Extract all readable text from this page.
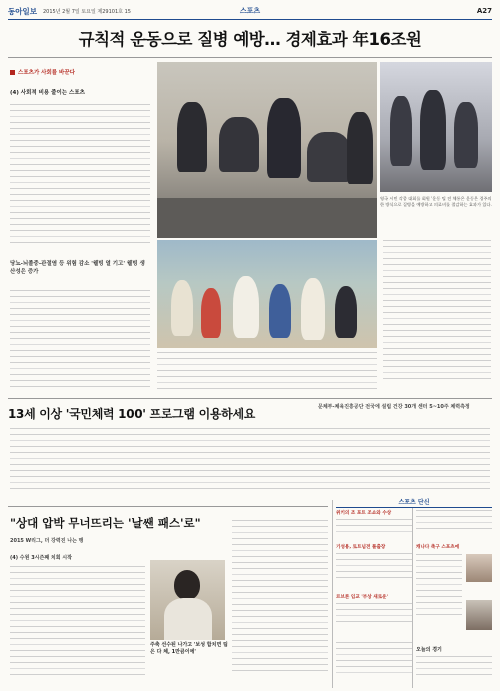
동아일보 2015년 2월 7일 토요일 제29101호 15	스포츠	A27
규칙적 운동으로 질병 예방… 경제효과 年16조원
스포츠가 사회를 바꾼다
(4) 사회적 비용 줄이는 스포츠
당뇨-뇌졸중-관절염 등 위험 감소 '웰빙 열 기고' 웰빙 생산성은 증가
영국 시민 각종 대회를 회원 '운동 팁 전 체통은 운동은 경주의 한 방식으로 질병을 예방하고 의료비를 절감하는 효과가 있다.
13세 이상 '국민체력 100' 프로그램 이용하세요	문체부-체육진흥공단 전국에 설립 건강 30개 센터 5~10주 체력측정
"상대 압박 무너뜨리는 '날쌘 패스'로"
2015 W리그, 더 강력진 나는 맹
(4) 수원 3시즌째 치회 시작
주축 선수된 나가고 '보성 합치면 팀은 다 체, 1만큼이에'
스포츠 단신
위키의 조 포트 조쇼와 수상
기성용, 토트넘전 풀출장
르브론 임교 '부상 새로운'
캐나다 축구 스포츠에
오늘의 경기
